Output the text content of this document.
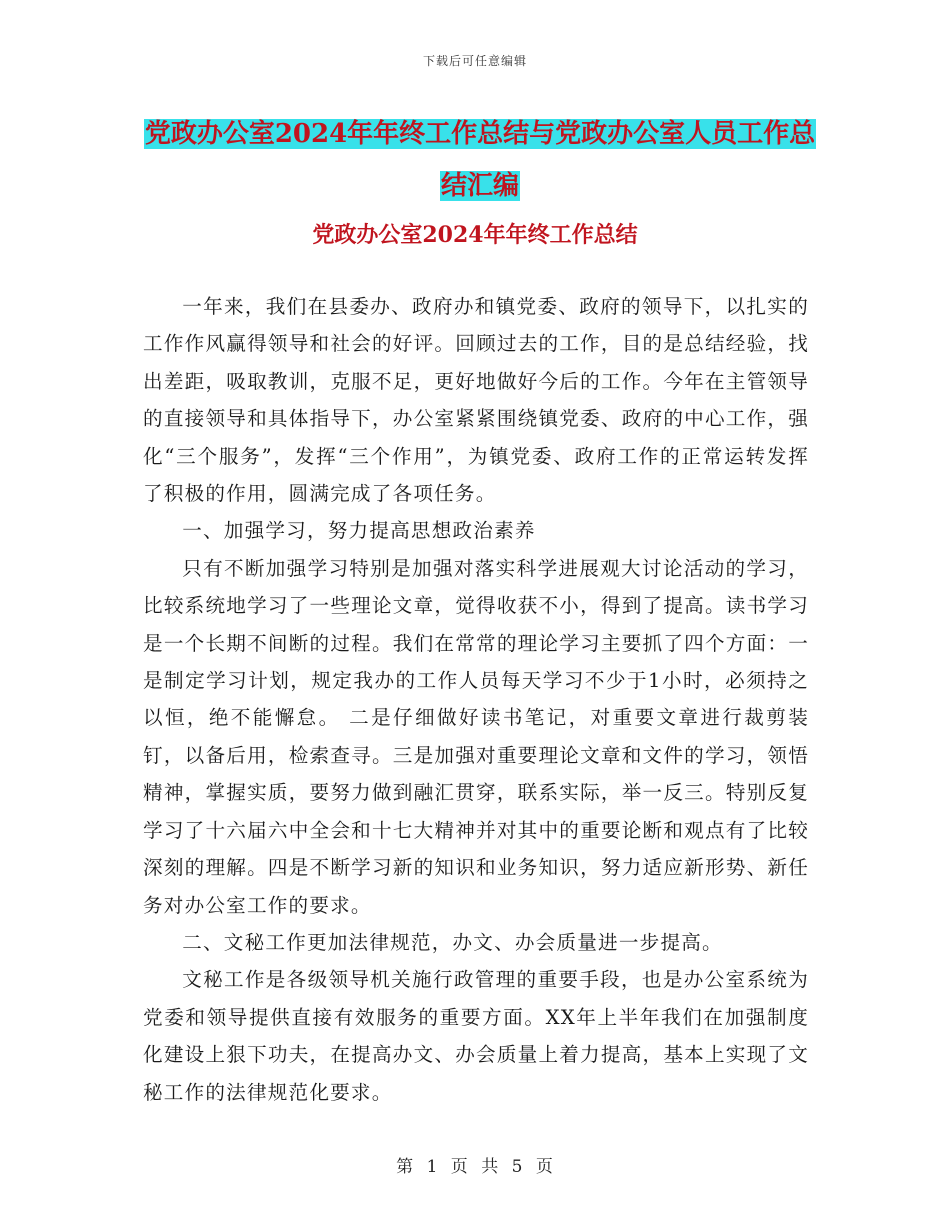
下载后可任意编辑
党政办公室2024年年终工作总结与党政办公室人员工作总结汇编
党政办公室2024年年终工作总结

一年来，我们在县委办、政府办和镇党委、政府的领导下，以扎实的工作作风赢得领导和社会的好评。回顾过去的工作，目的是总结经验，找出差距，吸取教训，克服不足，更好地做好今后的工作。今年在主管领导的直接领导和具体指导下，办公室紧紧围绕镇党委、政府的中心工作，强化“三个服务”，发挥“三个作用”，为镇党委、政府工作的正常运转发挥了积极的作用，圆满完成了各项任务。

一、加强学习，努力提高思想政治素养

只有不断加强学习特别是加强对落实科学进展观大讨论活动的学习，比较系统地学习了一些理论文章，觉得收获不小，得到了提高。读书学习是一个长期不间断的过程。我们在常常的理论学习主要抓了四个方面：一是制定学习计划，规定我办的工作人员每天学习不少于1小时，必须持之以恒，绝不能懈怠。 二是仔细做好读书笔记，对重要文章进行裁剪装钉，以备后用，检索查寻。三是加强对重要理论文章和文件的学习，领悟精神，掌握实质，要努力做到融汇贯穿，联系实际，举一反三。特别反复学习了十六届六中全会和十七大精神并对其中的重要论断和观点有了比较深刻的理解。四是不断学习新的知识和业务知识，努力适应新形势、新任务对办公室工作的要求。

二、文秘工作更加法律规范，办文、办会质量进一步提高。

文秘工作是各级领导机关施行政管理的重要手段，也是办公室系统为党委和领导提供直接有效服务的重要方面。XX年上半年我们在加强制度化建设上狠下功夫，在提高办文、办会质量上着力提高，基本上实现了文秘工作的法律规范化要求。

第 1 页 共 5 页
